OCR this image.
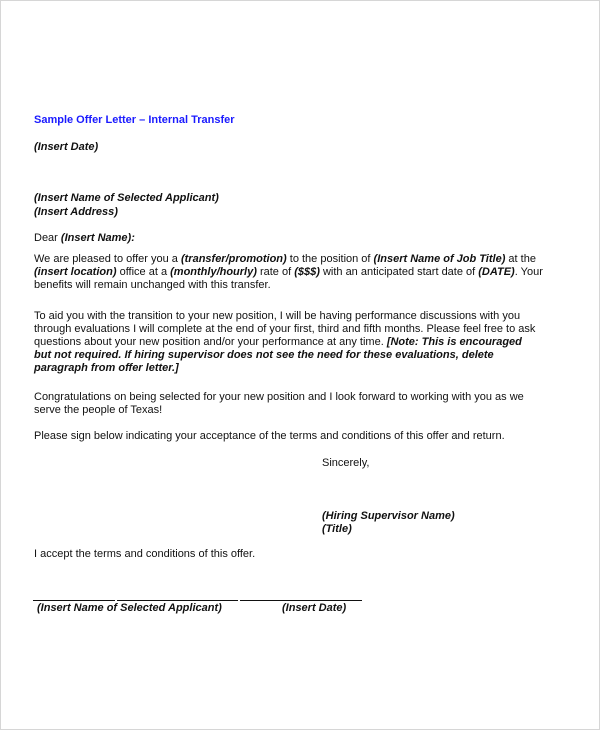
Sample Offer Letter – Internal Transfer
(Insert Date)
(Insert Name of Selected Applicant)
(Insert Address)
Dear (Insert Name):
We are pleased to offer you a (transfer/promotion) to the position of (Insert Name of Job Title) at the
(insert location) office at a (monthly/hourly) rate of ($$$) with an anticipated start date of (DATE). Your
benefits will remain unchanged with this transfer.
To aid you with the transition to your new position, I will be having performance discussions with you
through evaluations I will complete at the end of your first, third and fifth months. Please feel free to ask
questions about your new position and/or your performance at any time. [Note: This is encouraged
but not required. If hiring supervisor does not see the need for these evaluations, delete
paragraph from offer letter.]
Congratulations on being selected for your new position and I look forward to working with you as we
serve the people of Texas!
Please sign below indicating your acceptance of the terms and conditions of this offer and return.
Sincerely,
(Hiring Supervisor Name)
(Title)
I accept the terms and conditions of this offer.
(Insert Name of Selected Applicant)	(Insert Date)
